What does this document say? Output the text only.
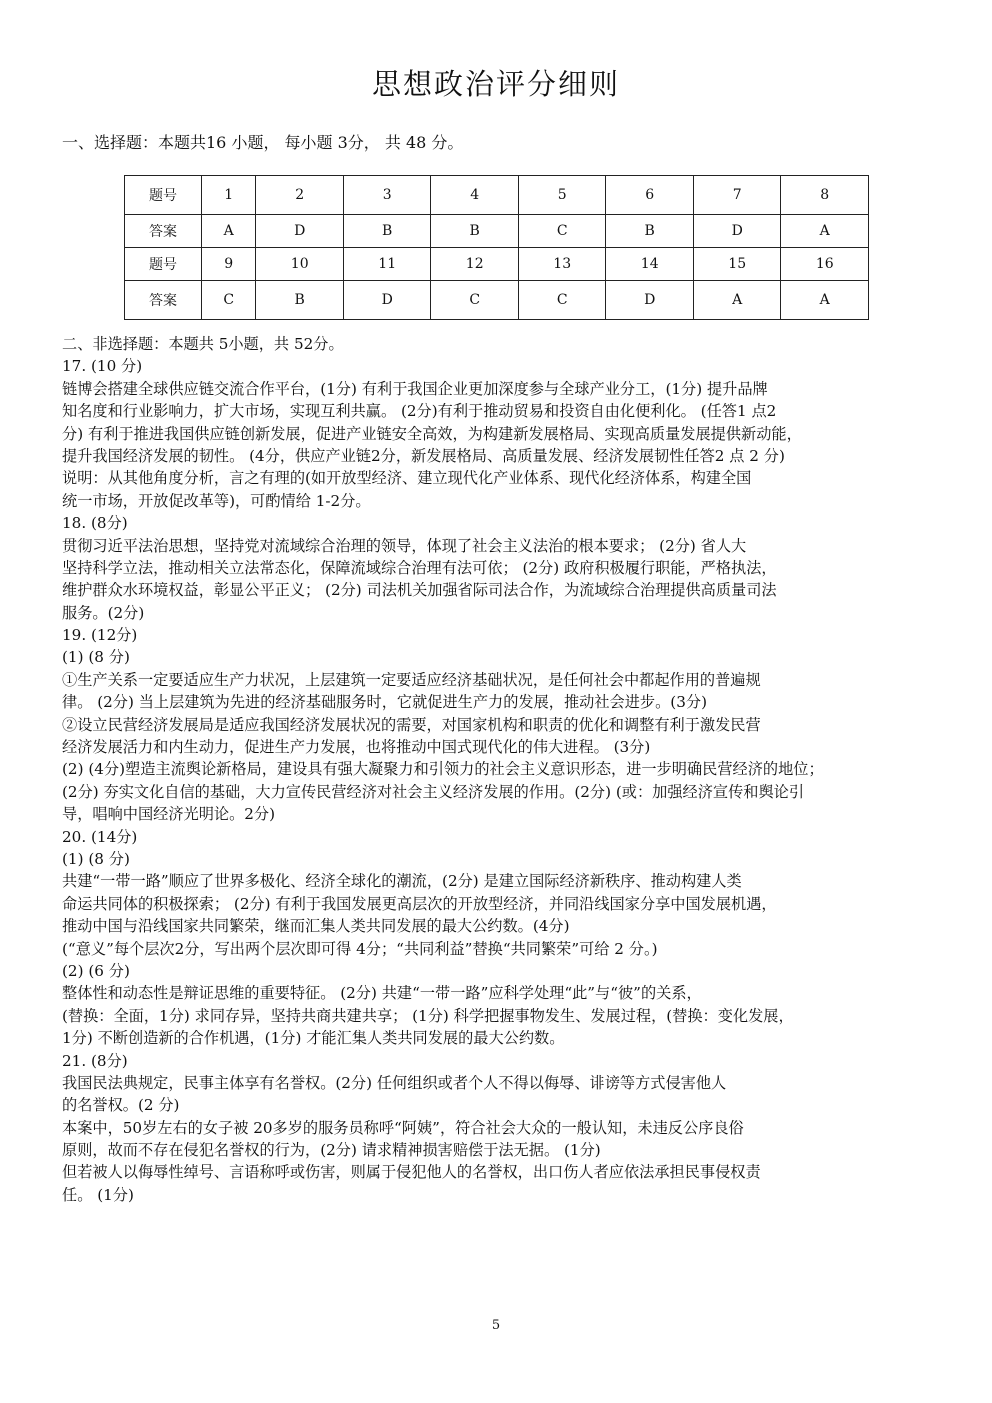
思想政治评分细则
一、选择题：本题共16 小题， 每小题 3分， 共 48 分。
题号	1	2	3	4	5	6	7	8
答案	A	D	B	B	C	B	D	A
题号	9	10	11	12	13	14	15	16
答案	C	B	D	C	C	D	A	A
二、非选择题：本题共 5小题，共 52分。
17. (10 分)
链博会搭建全球供应链交流合作平台，(1分) 有利于我国企业更加深度参与全球产业分工，(1分) 提升品牌
知名度和行业影响力，扩大市场，实现互利共赢。 (2分)有利于推动贸易和投资自由化便利化。 (任答1 点2
分) 有利于推进我国供应链创新发展，促进产业链安全高效，为构建新发展格局、实现高质量发展提供新动能，
提升我国经济发展的韧性。 (4分，供应产业链2分，新发展格局、高质量发展、经济发展韧性任答2 点 2 分)
说明：从其他角度分析，言之有理的(如开放型经济、建立现代化产业体系、现代化经济体系，构建全国
统一市场，开放促改革等)，可酌情给 1-2分。
18. (8分)
贯彻习近平法治思想，坚持党对流域综合治理的领导，体现了社会主义法治的根本要求； (2分) 省人大
坚持科学立法，推动相关立法常态化，保障流域综合治理有法可依； (2分) 政府积极履行职能，严格执法，
维护群众水环境权益，彰显公平正义； (2分) 司法机关加强省际司法合作，为流域综合治理提供高质量司法
服务。(2分)
19. (12分)
(1) (8 分)
①生产关系一定要适应生产力状况，上层建筑一定要适应经济基础状况，是任何社会中都起作用的普遍规
律。 (2分) 当上层建筑为先进的经济基础服务时，它就促进生产力的发展，推动社会进步。(3分)
②设立民营经济发展局是适应我国经济发展状况的需要，对国家机构和职责的优化和调整有利于激发民营
经济发展活力和内生动力，促进生产力发展，也将推动中国式现代化的伟大进程。 (3分)
(2) (4分)塑造主流舆论新格局，建设具有强大凝聚力和引领力的社会主义意识形态，进一步明确民营经济的地位；
(2分) 夯实文化自信的基础，大力宣传民营经济对社会主义经济发展的作用。(2分) (或：加强经济宣传和舆论引
导，唱响中国经济光明论。2分)
20. (14分)
(1) (8 分)
共建“一带一路”顺应了世界多极化、经济全球化的潮流，(2分) 是建立国际经济新秩序、推动构建人类
命运共同体的积极探索； (2分) 有利于我国发展更高层次的开放型经济，并同沿线国家分享中国发展机遇，
推动中国与沿线国家共同繁荣，继而汇集人类共同发展的最大公约数。(4分)
(“意义”每个层次2分，写出两个层次即可得 4分；“共同利益”替换“共同繁荣”可给 2 分。)
(2) (6 分)
整体性和动态性是辩证思维的重要特征。 (2分) 共建“一带一路”应科学处理“此”与“彼”的关系，
(替换：全面，1分) 求同存异，坚持共商共建共享； (1分) 科学把握事物发生、发展过程，(替换：变化发展，
1分) 不断创造新的合作机遇，(1分) 才能汇集人类共同发展的最大公约数。
21. (8分)
我国民法典规定，民事主体享有名誉权。(2分) 任何组织或者个人不得以侮辱、诽谤等方式侵害他人
的名誉权。(2 分)
本案中，50岁左右的女子被 20多岁的服务员称呼“阿姨”，符合社会大众的一般认知，未违反公序良俗
原则，故而不存在侵犯名誉权的行为，(2分) 请求精神损害赔偿于法无据。 (1分)
但若被人以侮辱性绰号、言语称呼或伤害，则属于侵犯他人的名誉权，出口伤人者应依法承担民事侵权责
任。 (1分)
5
